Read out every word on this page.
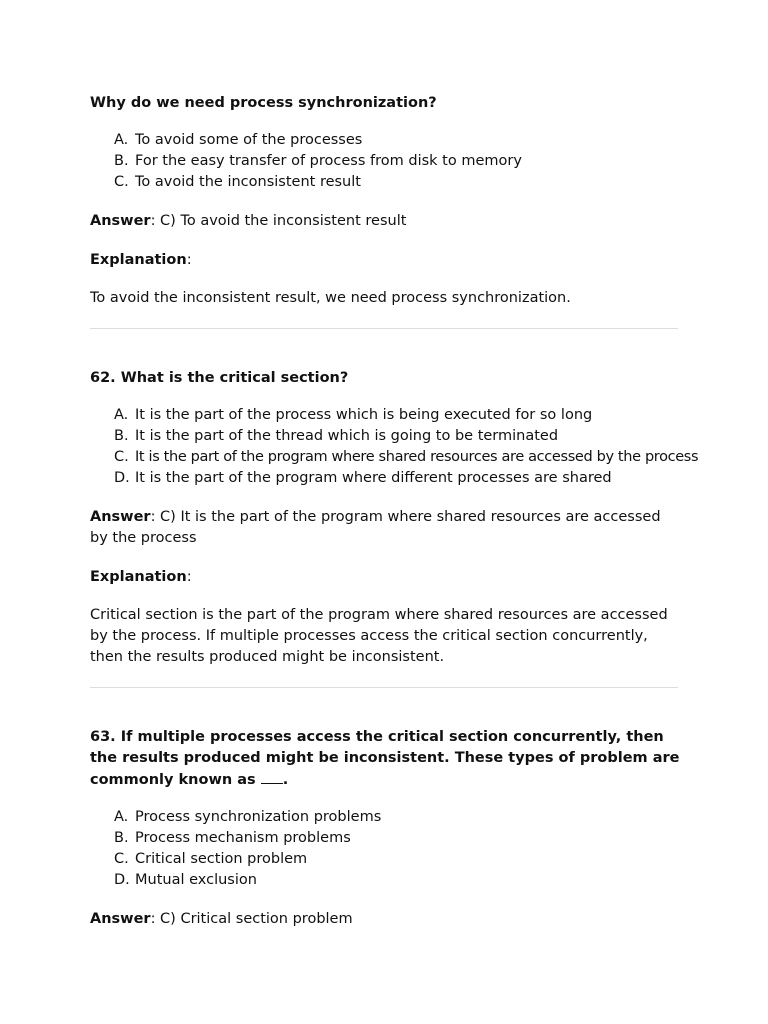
Why do we need process synchronization?

A. To avoid some of the processes
B. For the easy transfer of process from disk to memory
C. To avoid the inconsistent result

Answer: C) To avoid the inconsistent result

Explanation:

To avoid the inconsistent result, we need process synchronization.

62. What is the critical section?

A. It is the part of the process which is being executed for so long
B. It is the part of the thread which is going to be terminated
C. It is the part of the program where shared resources are accessed by the process
D. It is the part of the program where different processes are shared

Answer: C) It is the part of the program where shared resources are accessed by the process

Explanation:

Critical section is the part of the program where shared resources are accessed by the process. If multiple processes access the critical section concurrently, then the results produced might be inconsistent.

63. If multiple processes access the critical section concurrently, then the results produced might be inconsistent. These types of problem are commonly known as .

A. Process synchronization problems
B. Process mechanism problems
C. Critical section problem
D. Mutual exclusion

Answer: C) Critical section problem
